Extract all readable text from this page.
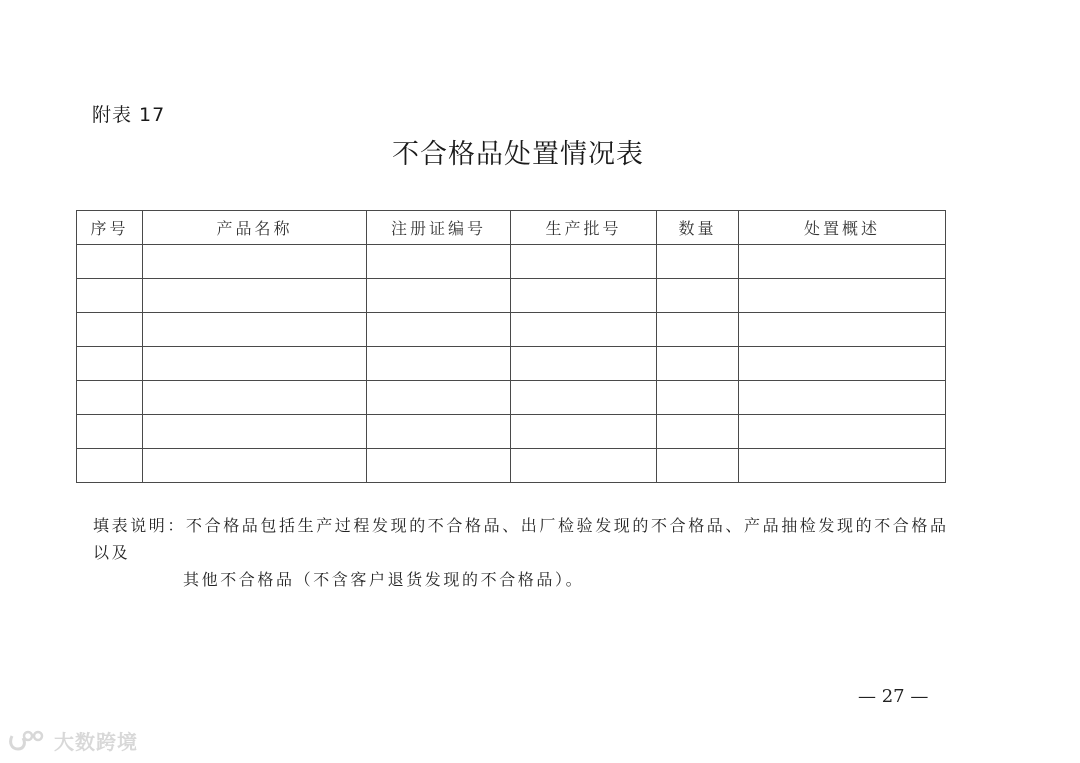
附表 17
不合格品处置情况表
序号	产品名称	注册证编号	生产批号	数量	处置概述

填表说明：不合格品包括生产过程发现的不合格品、出厂检验发现的不合格品、产品抽检发现的不合格品以及
其他不合格品（不含客户退货发现的不合格品）。
— 27 —
大数跨境
